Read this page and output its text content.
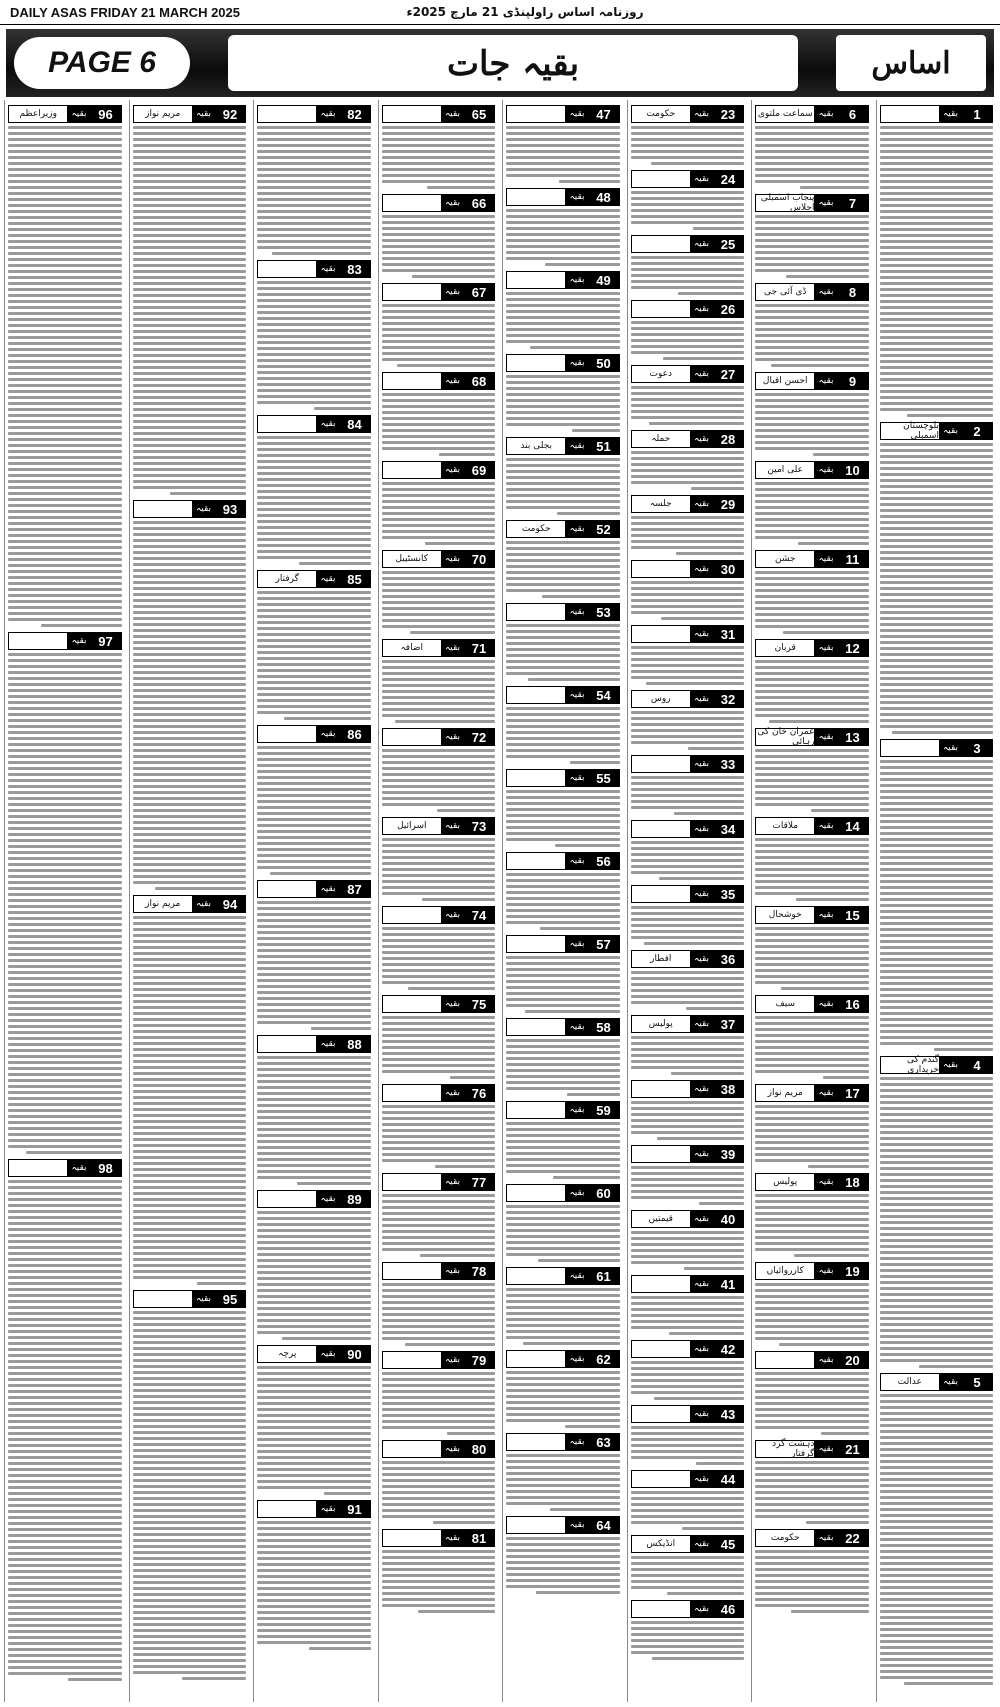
DAILY ASAS FRIDAY 21 MARCH 2025	روزنامہ اساس راولپنڈی 21 مارچ 2025ء
PAGE 6	بقیہ جات	اساس
1
بقیہ
2
بقیہ
بلوچستان اسمبلی
3
بقیہ
4
بقیہ
گندم کی خریداری
5
بقیہ
عدالت
6
بقیہ
سماعت ملتوی
7
بقیہ
پنجاب اسمبلی اجلاس
8
بقیہ
ڈی آئی جی
9
بقیہ
احسن اقبال
10
بقیہ
علی امین
11
بقیہ
جشن
12
بقیہ
قربان
13
بقیہ
عمران خان کی رہائی
14
بقیہ
ملاقات
15
بقیہ
خوشحال
16
بقیہ
سیف
17
بقیہ
مریم نواز
18
بقیہ
پولیس
19
بقیہ
کارروائیاں
20
بقیہ
21
بقیہ
دہشت گرد گرفتار
22
بقیہ
حکومت
23
بقیہ
حکومت
24
بقیہ
25
بقیہ
26
بقیہ
27
بقیہ
دعوت
28
بقیہ
حملہ
29
بقیہ
جلسہ
30
بقیہ
31
بقیہ
32
بقیہ
روس
33
بقیہ
34
بقیہ
35
بقیہ
36
بقیہ
افطار
37
بقیہ
پولیس
38
بقیہ
39
بقیہ
40
بقیہ
قیمتیں
41
بقیہ
42
بقیہ
43
بقیہ
44
بقیہ
45
بقیہ
انڈیکس
46
بقیہ
47
بقیہ
48
بقیہ
49
بقیہ
50
بقیہ
51
بقیہ
بجلی بند
52
بقیہ
حکومت
53
بقیہ
54
بقیہ
55
بقیہ
56
بقیہ
57
بقیہ
58
بقیہ
59
بقیہ
60
بقیہ
61
بقیہ
62
بقیہ
63
بقیہ
64
بقیہ
65
بقیہ
66
بقیہ
67
بقیہ
68
بقیہ
69
بقیہ
70
بقیہ
کانسٹیبل
71
بقیہ
اضافہ
72
بقیہ
73
بقیہ
اسرائیل
74
بقیہ
75
بقیہ
76
بقیہ
77
بقیہ
78
بقیہ
79
بقیہ
80
بقیہ
81
بقیہ
82
بقیہ
83
بقیہ
84
بقیہ
85
بقیہ
گرفتار
86
بقیہ
87
بقیہ
88
بقیہ
89
بقیہ
90
بقیہ
پرچہ
91
بقیہ
92
بقیہ
مریم نواز
93
بقیہ
94
بقیہ
مریم نواز
95
بقیہ
96
بقیہ
وزیراعظم
97
بقیہ
98
بقیہ
